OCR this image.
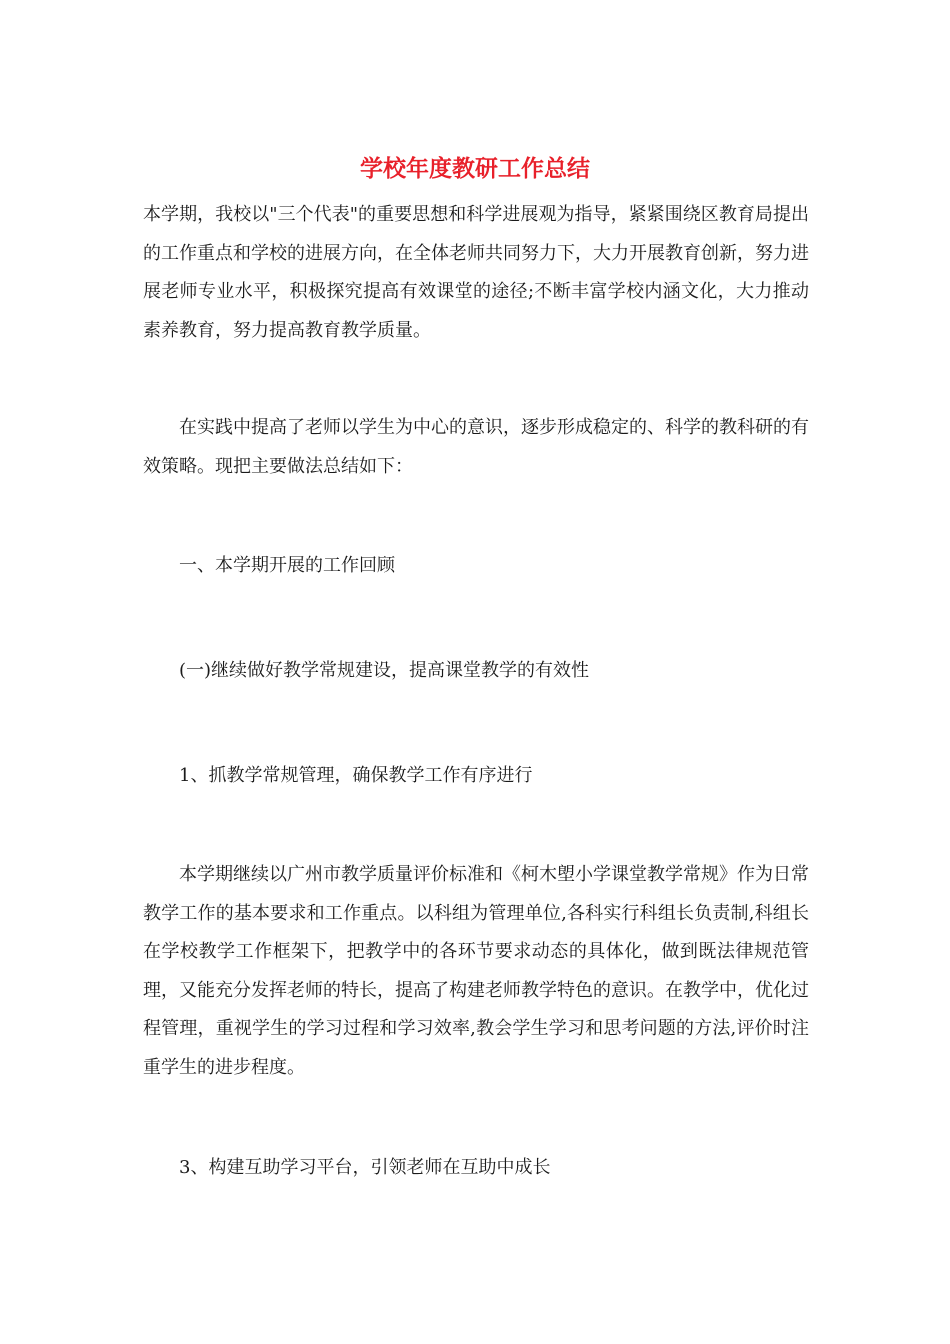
学校年度教研工作总结

本学期，我校以"三个代表"的重要思想和科学进展观为指导，紧紧围绕区教育局提出的工作重点和学校的进展方向，在全体老师共同努力下，大力开展教育创新，努力进展老师专业水平，积极探究提高有效课堂的途径;不断丰富学校内涵文化，大力推动素养教育，努力提高教育教学质量。

在实践中提高了老师以学生为中心的意识，逐步形成稳定的、科学的教科研的有效策略。现把主要做法总结如下：

一、本学期开展的工作回顾

(一)继续做好教学常规建设，提高课堂教学的有效性

1、抓教学常规管理，确保教学工作有序进行

本学期继续以广州市教学质量评价标准和《柯木塱小学课堂教学常规》作为日常教学工作的基本要求和工作重点。以科组为管理单位,各科实行科组长负责制,科组长在学校教学工作框架下，把教学中的各环节要求动态的具体化，做到既法律规范管理，又能充分发挥老师的特长，提高了构建老师教学特色的意识。在教学中，优化过程管理，重视学生的学习过程和学习效率,教会学生学习和思考问题的方法,评价时注重学生的进步程度。

3、构建互助学习平台，引领老师在互助中成长
